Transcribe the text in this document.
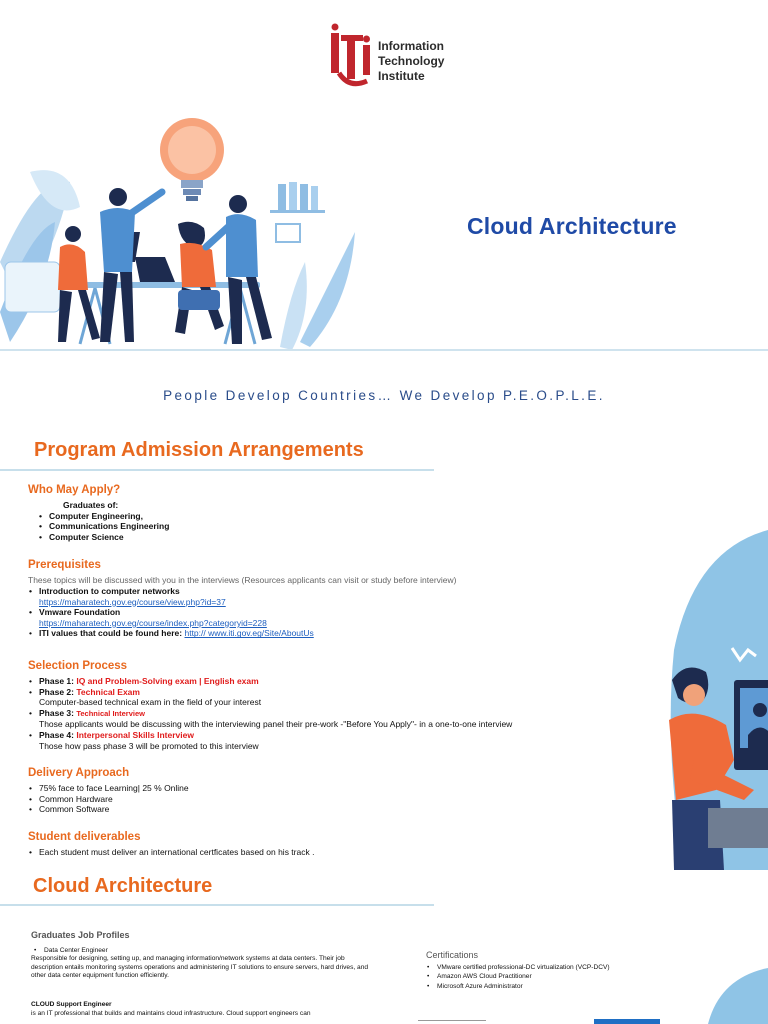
Information
Technology
Institute
Cloud Architecture
People Develop Countries… We Develop P.E.O.P.L.E.
Program Admission Arrangements
Who May Apply?
Graduates of:
• Computer Engineering,
• Communications Engineering
• Computer Science
Prerequisites
These topics will be discussed with you in the interviews (Resources applicants can visit or study before interview)
• Introduction to computer networks
https://maharatech.gov.eg/course/view.php?id=37
• Vmware Foundation
https://maharatech.gov.eg/course/index.php?categoryid=228
• ITI values that could be found here: http:// www.iti.gov.eg/Site/AboutUs
Selection Process
• Phase 1: IQ and Problem-Solving exam | English exam
• Phase 2: Technical Exam
Computer-based technical exam in the field of your interest
• Phase 3: Technical Interview
Those applicants would be discussing with the interviewing panel their pre-work -"Before You Apply"- in a one-to-one interview
• Phase 4: Interpersonal Skills Interview
Those how pass phase 3 will be promoted to this interview
Delivery Approach
• 75% face to face Learning| 25 % Online
• Common Hardware
• Common Software
Student deliverables
• Each student must deliver an international certficates based on his track .
Cloud Architecture
Graduates Job Profiles
• Data Center Engineer
Responsible for designing, setting up, and managing information/network systems at data centers. Their job description entails monitoring systems operations and administering IT solutions to ensure servers, hard drives, and other data center equipment function efficiently.
CLOUD Support Engineer
is an IT professional that builds and maintains cloud infrastructure. Cloud support engineers can
Certifications
• VMware certified professional-DC virtualization (VCP-DCV)
• Amazon AWS Cloud Practitioner
• Microsoft Azure Administrator
